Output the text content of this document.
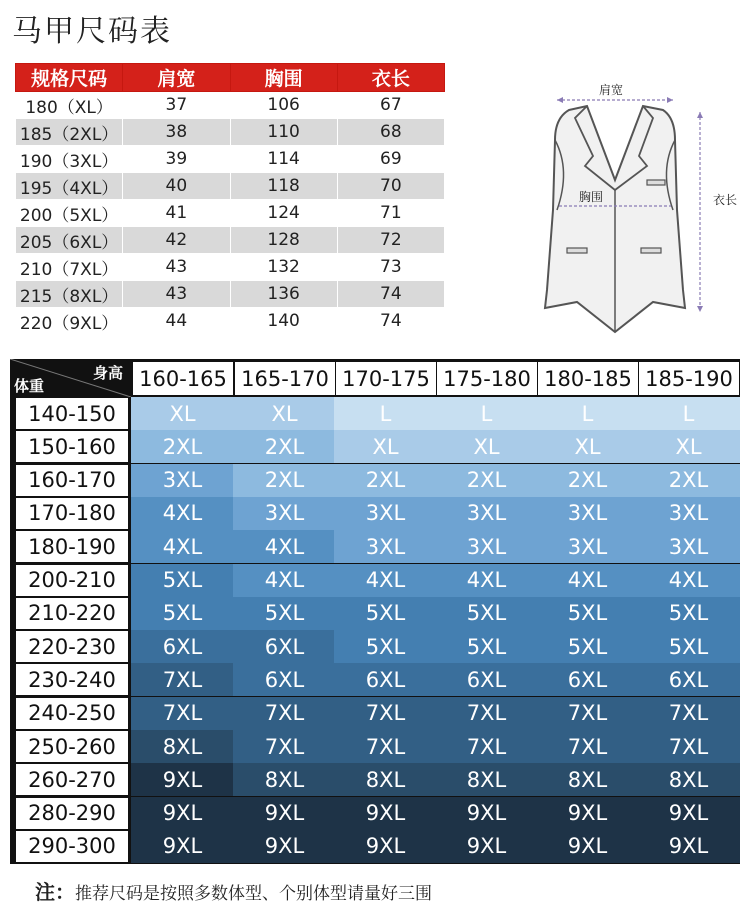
马甲尺码表
规格尺码	肩宽	胸围	衣长
180（XL）	37	106	67
185（2XL）	38	110	68
190（3XL）	39	114	69
195（4XL）	40	118	70
200（5XL）	41	124	71
205（6XL）	42	128	72
210（7XL）	43	132	73
215（8XL）	43	136	74
220（9XL）	44	140	74
肩宽
衣长
胸围
身高
体重	160-165 165-170 170-175 175-180 180-185 185-190
140-150	XL	XL	L	L	L	L
150-160	2XL	2XL	XL	XL	XL	XL
160-170	3XL	2XL	2XL	2XL	2XL	2XL
170-180	4XL	3XL	3XL	3XL	3XL	3XL
180-190	4XL	4XL	3XL	3XL	3XL	3XL
200-210	5XL	4XL	4XL	4XL	4XL	4XL
210-220	5XL	5XL	5XL	5XL	5XL	5XL
220-230	6XL	6XL	5XL	5XL	5XL	5XL
230-240	7XL	6XL	6XL	6XL	6XL	6XL
240-250	7XL	7XL	7XL	7XL	7XL	7XL
250-260	8XL	7XL	7XL	7XL	7XL	7XL
260-270	9XL	8XL	8XL	8XL	8XL	8XL
280-290	9XL	9XL	9XL	9XL	9XL	9XL
290-300	9XL	9XL	9XL	9XL	9XL	9XL
注：推荐尺码是按照多数体型、个别体型请量好三围
